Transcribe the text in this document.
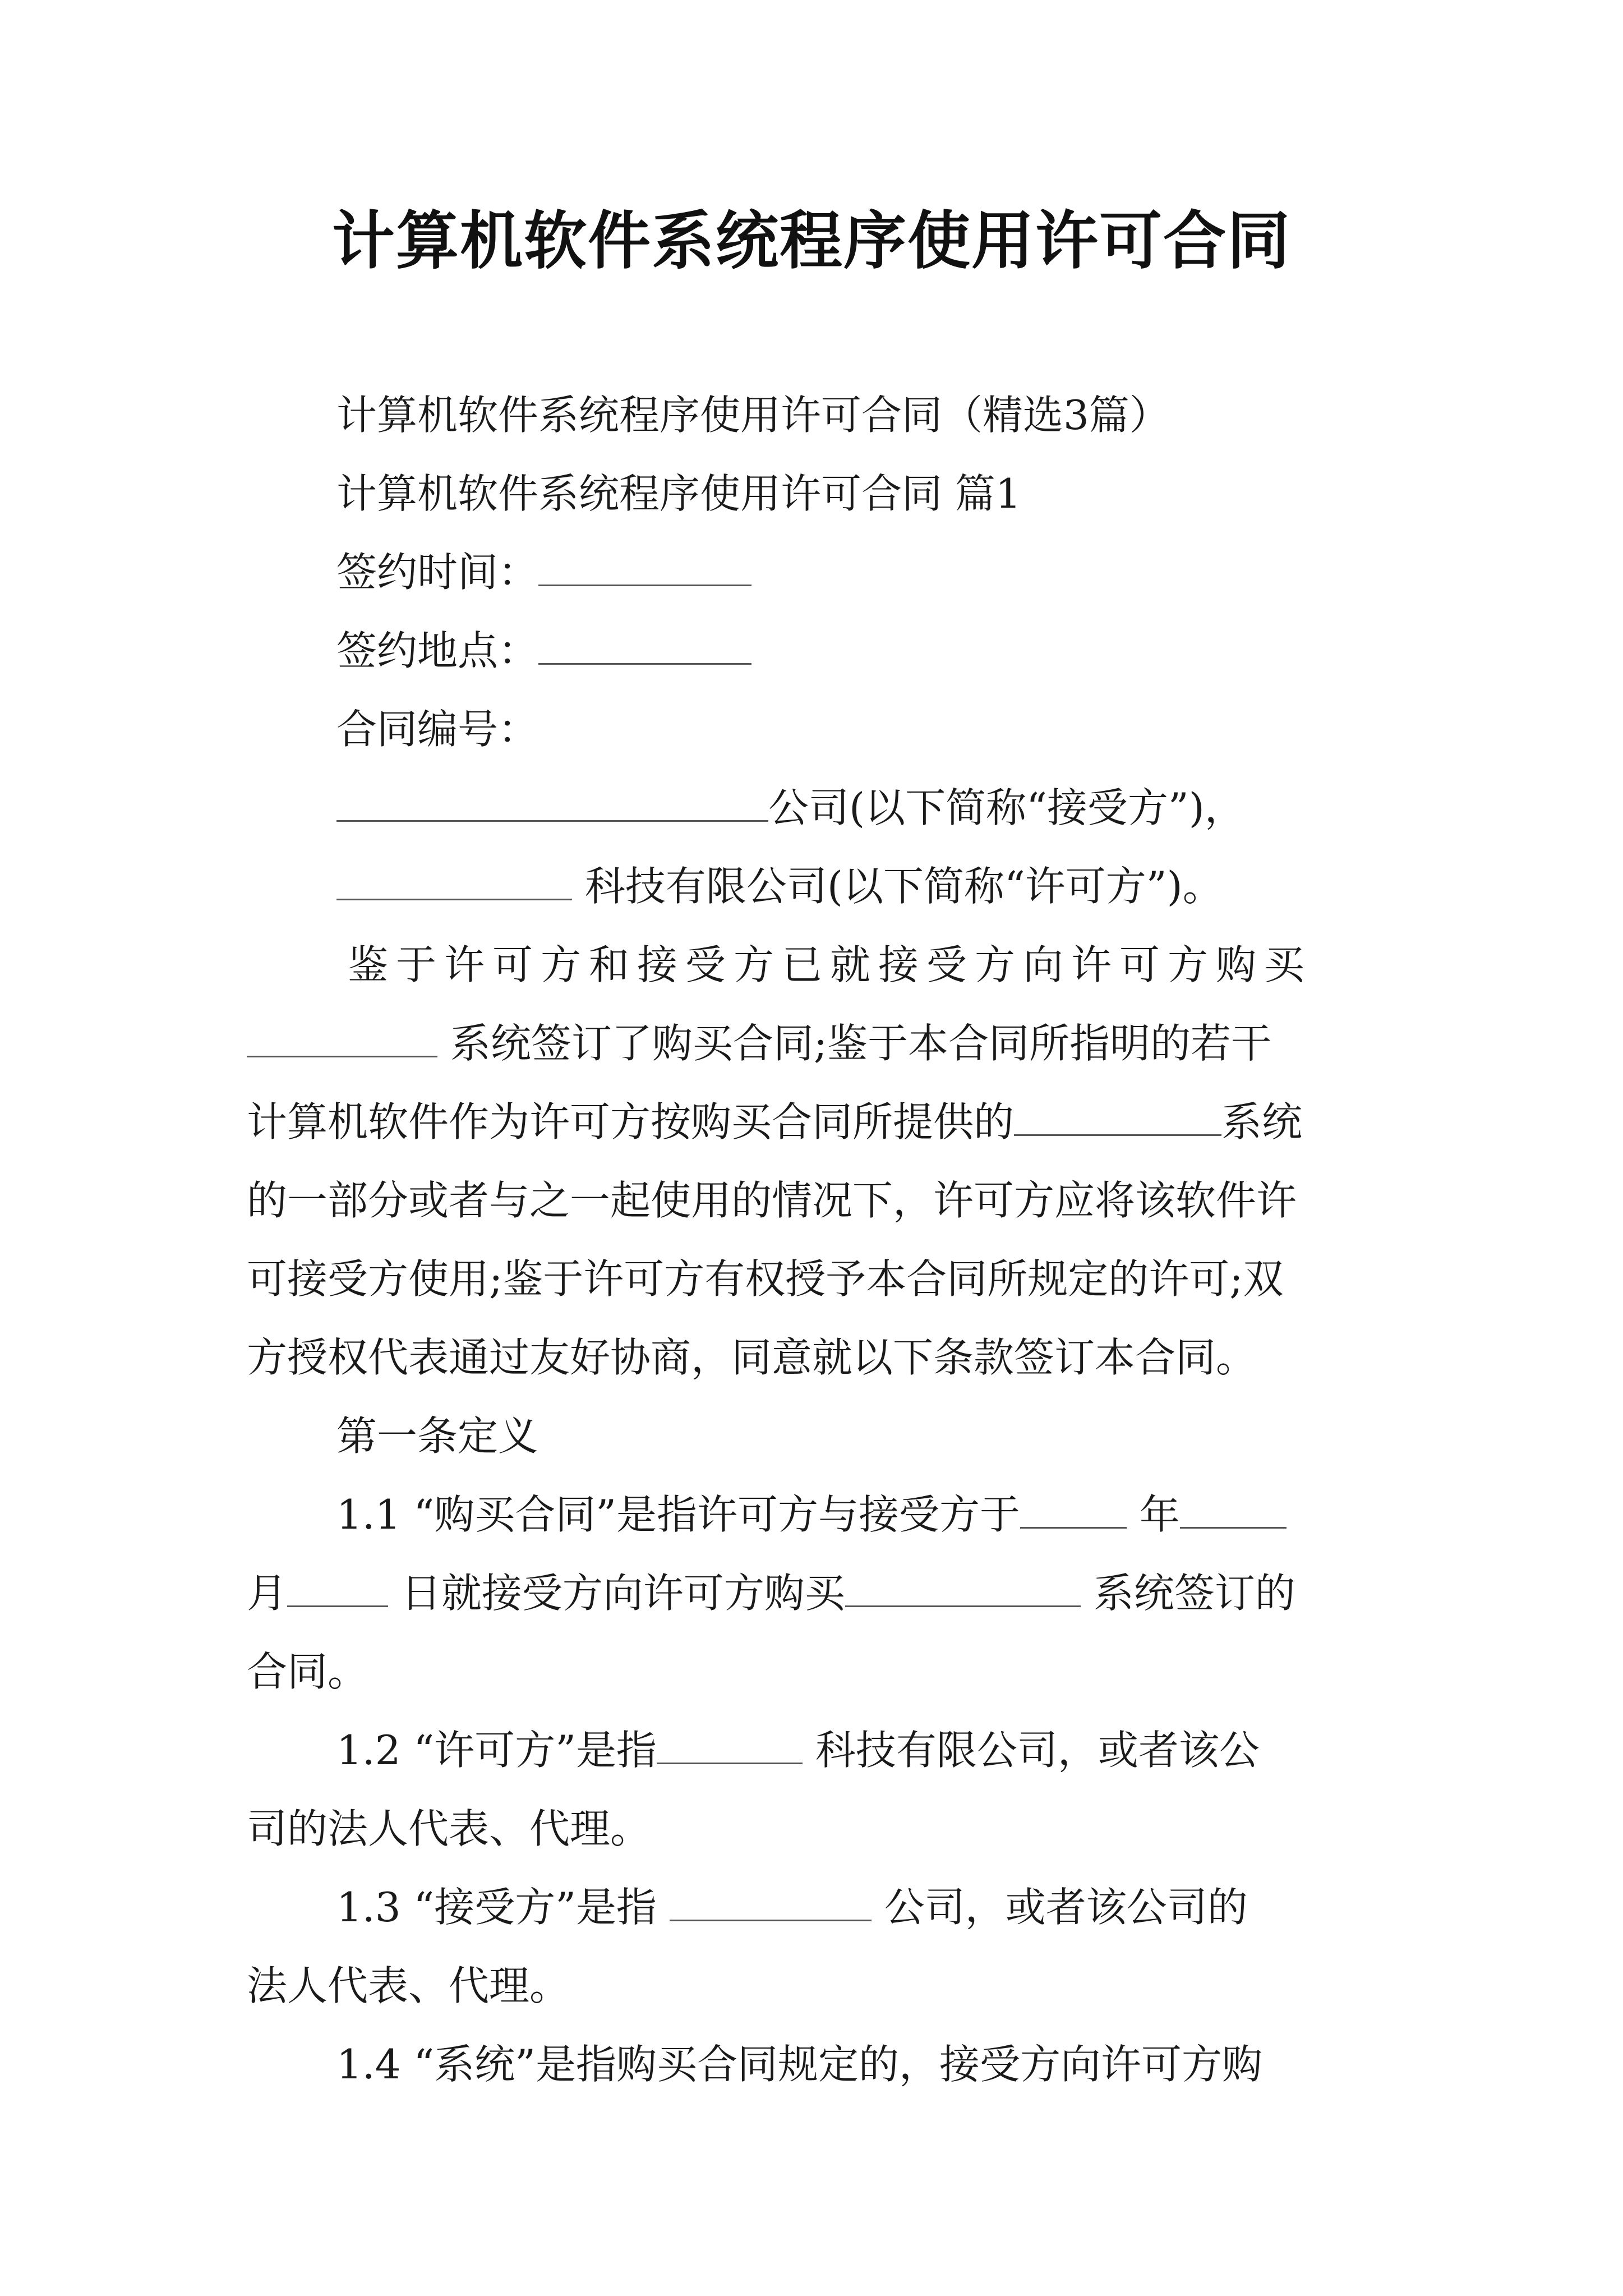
计算机软件系统程序使用许可合同
计算机软件系统程序使用许可合同（精选3篇）
计算机软件系统程序使用许可合同 篇1
签约时间：
签约地点：
合同编号：
公司(以下简称“接受方”)，
科技有限公司(以下简称“许可方”)。
鉴于许可方和接受方已就接受方向许可方购买
系统签订了购买合同;鉴于本合同所指明的若干
计算机软件作为许可方按购买合同所提供的	系统
的一部分或者与之一起使用的情况下，许可方应将该软件许
可接受方使用;鉴于许可方有权授予本合同所规定的许可;双
方授权代表通过友好协商，同意就以下条款签订本合同。
第一条定义
1.1 “购买合同”是指许可方与接受方于	年
月	日就接受方向许可方购买	系统签订的
合同。
1.2 “许可方”是指	科技有限公司，或者该公
司的法人代表、代理。
1.3 “接受方”是指	公司，或者该公司的
法人代表、代理。
1.4 “系统”是指购买合同规定的，接受方向许可方购
